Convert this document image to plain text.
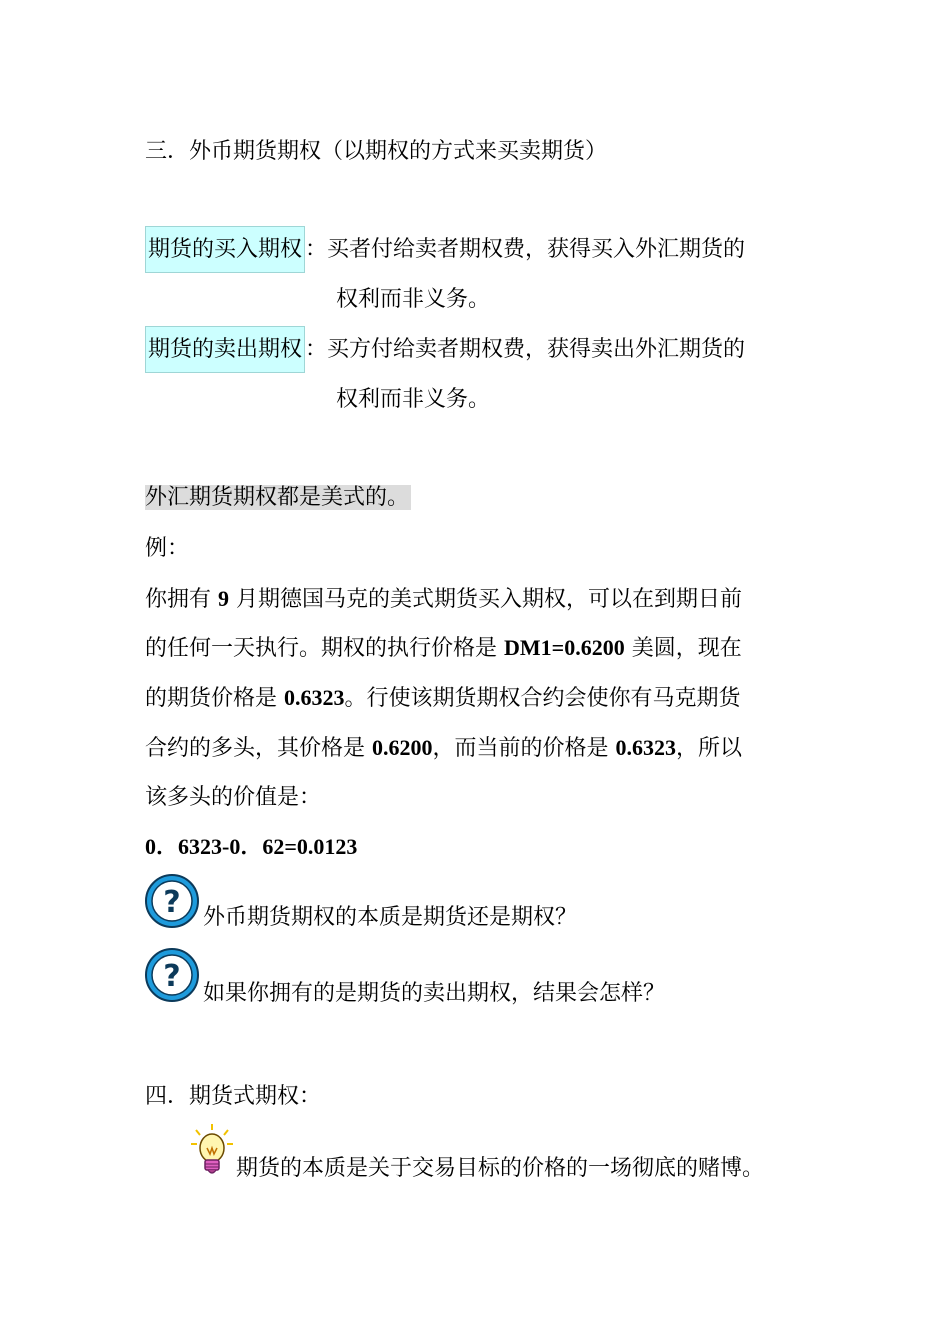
三．外币期货期权（以期权的方式来买卖期货）
期货的买入期权 ：买者付给卖者期权费，获得买入外汇期货的
权利而非义务。
期货的卖出期权 ：买方付给卖者期权费，获得卖出外汇期货的
权利而非义务。
外汇期货期权都是美式的。
例：
你拥有 9 月期德国马克的美式期货买入期权，可以在到期日前
的任何一天执行。期权的执行价格是 DM1=0.6200 美圆，现在
的期货价格是 0.6323。行使该期货期权合约会使你有马克期货
合约的多头，其价格是 0.6200，而当前的价格是 0.6323，所以
该多头的价值是：
0．6323-0．62=0.0123
? 外币期货期权的本质是期货还是期权？
? 如果你拥有的是期货的卖出期权，结果会怎样？
四．期货式期权：
期货的本质是关于交易目标的价格的一场彻底的赌博。
